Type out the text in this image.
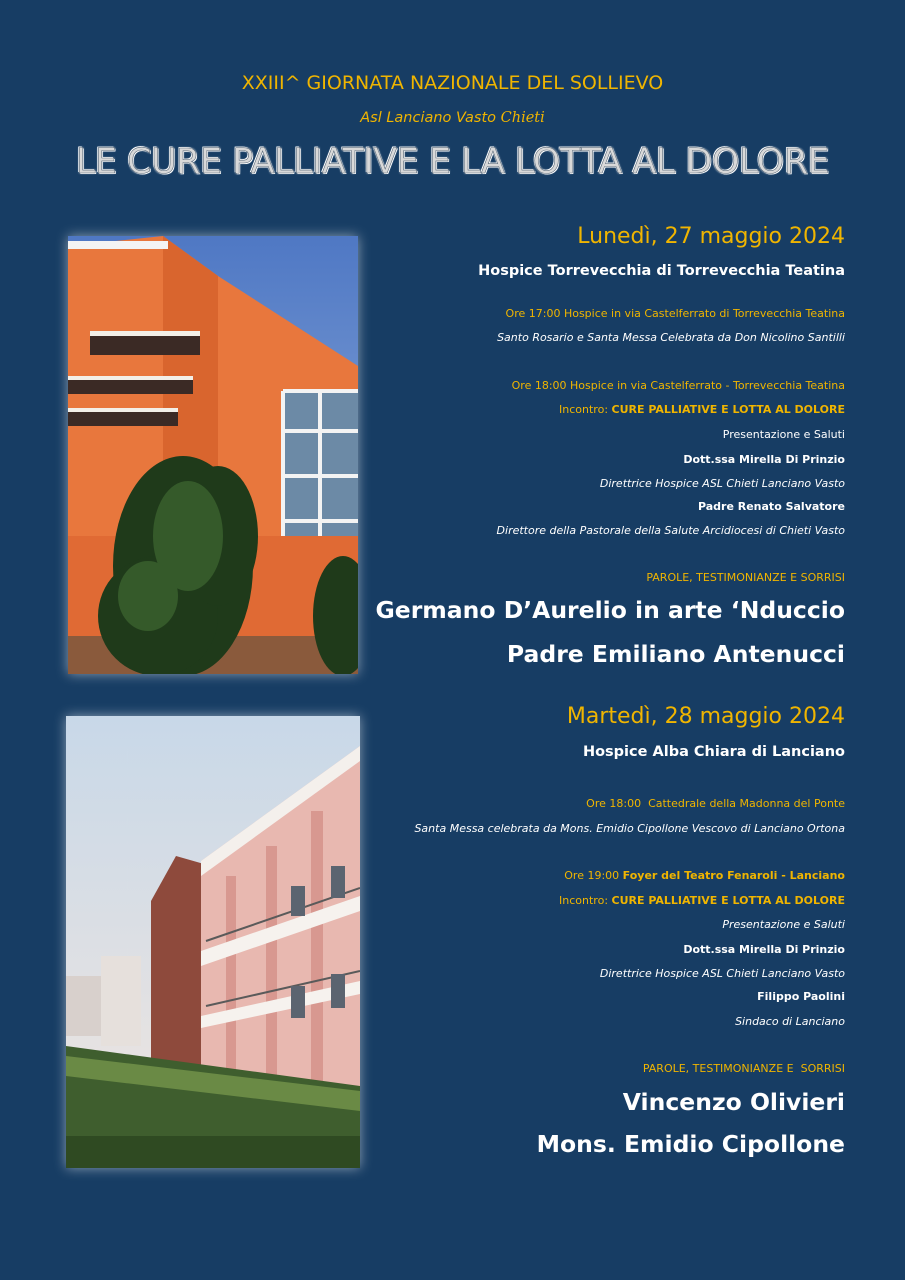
XXIII^ GIORNATA NAZIONALE DEL SOLLIEVO
Asl Lanciano Vasto Chieti
LE CURE PALLIATIVE E LA LOTTA AL DOLORE
Lunedì, 27 maggio 2024
Hospice Torrevecchia di Torrevecchia Teatina
Ore 17:00 Hospice in via Castelferrato di Torrevecchia Teatina
Santo Rosario e Santa Messa Celebrata da Don Nicolino Santilli
Ore 18:00 Hospice in via Castelferrato - Torrevecchia Teatina
Incontro: CURE PALLIATIVE E LOTTA AL DOLORE
Presentazione e Saluti
Dott.ssa Mirella Di Prinzio
Direttrice Hospice ASL Chieti Lanciano Vasto
Padre Renato Salvatore
Direttore della Pastorale della Salute Arcidiocesi di Chieti Vasto
PAROLE, TESTIMONIANZE E SORRISI
Germano D’Aurelio in arte ‘Nduccio
Padre Emiliano Antenucci
Martedì, 28 maggio 2024
Hospice Alba Chiara di Lanciano
Ore 18:00  Cattedrale della Madonna del Ponte
Santa Messa celebrata da Mons. Emidio Cipollone Vescovo di Lanciano Ortona
Ore 19:00 Foyer del Teatro Fenaroli - Lanciano
Incontro: CURE PALLIATIVE E LOTTA AL DOLORE
Presentazione e Saluti
Dott.ssa Mirella Di Prinzio
Direttrice Hospice ASL Chieti Lanciano Vasto
Filippo Paolini
Sindaco di Lanciano
PAROLE, TESTIMONIANZE E  SORRISI
Vincenzo Olivieri
Mons. Emidio Cipollone
